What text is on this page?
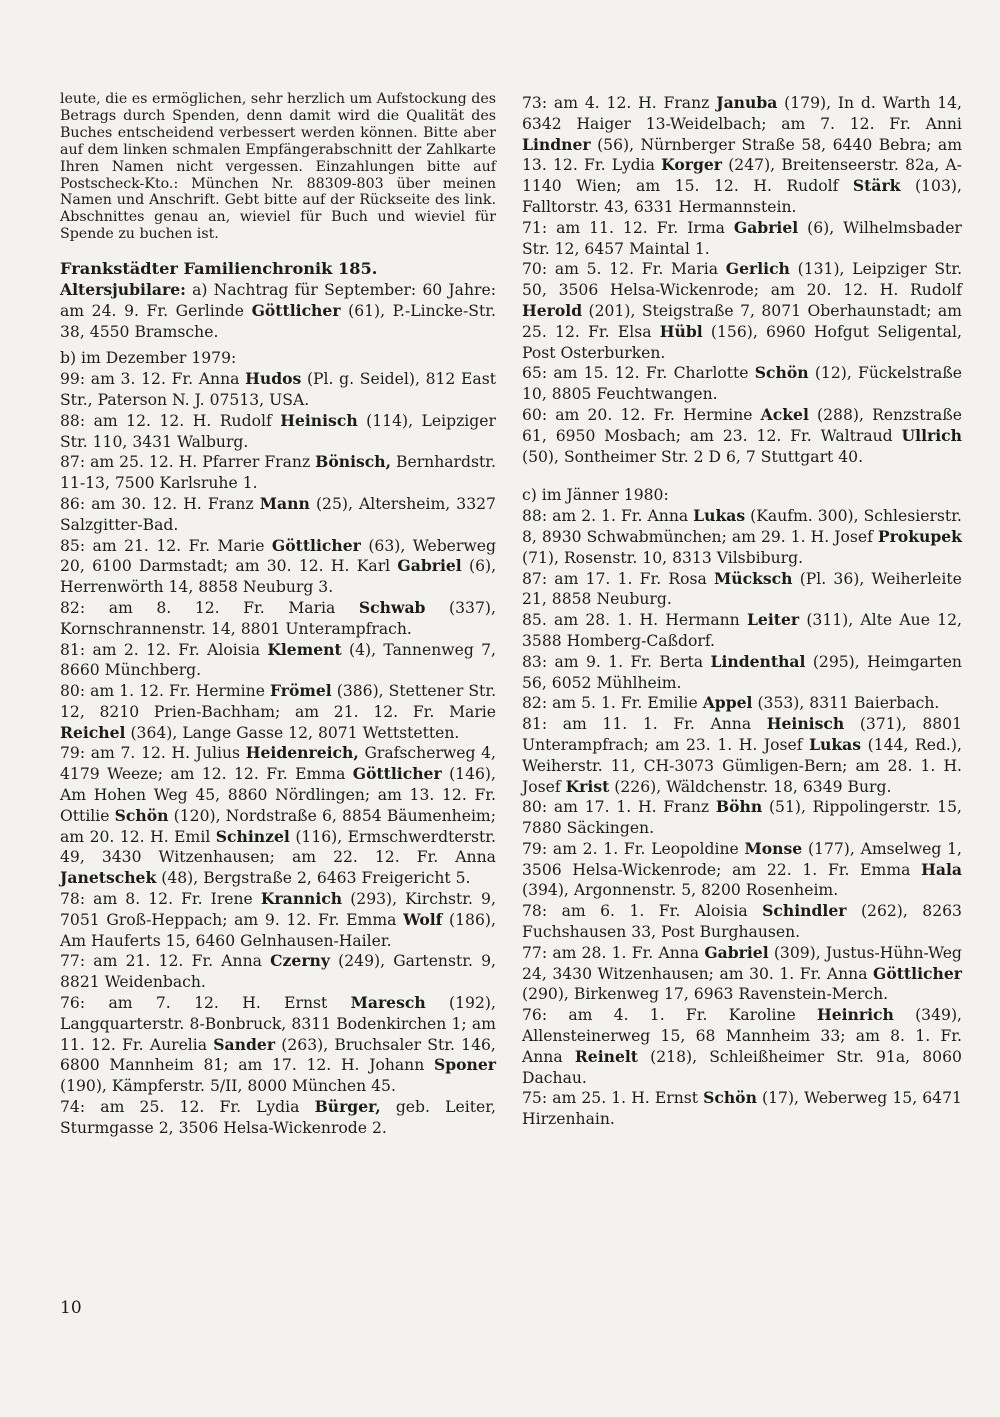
leute, die es ermöglichen, sehr herzlich um Aufstockung des Betrags durch Spenden, denn damit wird die Qualität des Buches entscheidend verbessert werden können. Bitte aber auf dem linken schmalen Empfängerabschnitt der Zahlkarte Ihren Namen nicht vergessen. Einzahlungen bitte auf Postscheck-Kto.: München Nr. 88309-803 über meinen Namen und Anschrift. Gebt bitte auf der Rückseite des link. Abschnittes genau an, wieviel für Buch und wieviel für Spende zu buchen ist.

Frankstädter Familienchronik 185.

Altersjubilare: a) Nachtrag für September: 60 Jahre: am 24. 9. Fr. Gerlinde Göttlicher (61), P.-Lincke-Str. 38, 4550 Bramsche.

b) im Dezember 1979:

99: am 3. 12. Fr. Anna Hudos (Pl. g. Seidel), 812 East Str., Paterson N. J. 07513, USA.

88: am 12. 12. H. Rudolf Heinisch (114), Leipziger Str. 110, 3431 Walburg.

87: am 25. 12. H. Pfarrer Franz Bönisch, Bernhardstr. 11-13, 7500 Karlsruhe 1.

86: am 30. 12. H. Franz Mann (25), Altersheim, 3327 Salzgitter-Bad.

85: am 21. 12. Fr. Marie Göttlicher (63), Weberweg 20, 6100 Darmstadt; am 30. 12. H. Karl Gabriel (6), Herrenwörth 14, 8858 Neuburg 3.

82: am 8. 12. Fr. Maria Schwab (337), Kornschrannenstr. 14, 8801 Unterampfrach.

81: am 2. 12. Fr. Aloisia Klement (4), Tannenweg 7, 8660 Münchberg.

80: am 1. 12. Fr. Hermine Frömel (386), Stettener Str. 12, 8210 Prien-Bachham; am 21. 12. Fr. Marie Reichel (364), Lange Gasse 12, 8071 Wettstetten.

79: am 7. 12. H. Julius Heidenreich, Grafscherweg 4, 4179 Weeze; am 12. 12. Fr. Emma Göttlicher (146), Am Hohen Weg 45, 8860 Nördlingen; am 13. 12. Fr. Ottilie Schön (120), Nordstraße 6, 8854 Bäumenheim; am 20. 12. H. Emil Schinzel (116), Ermschwerdterstr. 49, 3430 Witzenhausen; am 22. 12. Fr. Anna Janetschek (48), Bergstraße 2, 6463 Freigericht 5.

78: am 8. 12. Fr. Irene Krannich (293), Kirchstr. 9, 7051 Groß-Heppach; am 9. 12. Fr. Emma Wolf (186), Am Hauferts 15, 6460 Gelnhausen-Hailer.

77: am 21. 12. Fr. Anna Czerny (249), Gartenstr. 9, 8821 Weidenbach.

76: am 7. 12. H. Ernst Maresch (192), Langquarterstr. 8-Bonbruck, 8311 Bodenkirchen 1; am 11. 12. Fr. Aurelia Sander (263), Bruchsaler Str. 146, 6800 Mannheim 81; am 17. 12. H. Johann Sponer (190), Kämpferstr. 5/II, 8000 München 45.

74: am 25. 12. Fr. Lydia Bürger, geb. Leiter, Sturmgasse 2, 3506 Helsa-Wickenrode 2.

73: am 4. 12. H. Franz Januba (179), In d. Warth 14, 6342 Haiger 13-Weidelbach; am 7. 12. Fr. Anni Lindner (56), Nürnberger Straße 58, 6440 Bebra; am 13. 12. Fr. Lydia Korger (247), Breitenseerstr. 82a, A-1140 Wien; am 15. 12. H. Rudolf Stärk (103), Falltorstr. 43, 6331 Hermannstein.

71: am 11. 12. Fr. Irma Gabriel (6), Wilhelmsbader Str. 12, 6457 Maintal 1.

70: am 5. 12. Fr. Maria Gerlich (131), Leipziger Str. 50, 3506 Helsa-Wickenrode; am 20. 12. H. Rudolf Herold (201), Steigstraße 7, 8071 Oberhaunstadt; am 25. 12. Fr. Elsa Hübl (156), 6960 Hofgut Seligental, Post Osterburken.

65: am 15. 12. Fr. Charlotte Schön (12), Fückelstraße 10, 8805 Feuchtwangen.

60: am 20. 12. Fr. Hermine Ackel (288), Renzstraße 61, 6950 Mosbach; am 23. 12. Fr. Waltraud Ullrich (50), Sontheimer Str. 2 D 6, 7 Stuttgart 40.

c) im Jänner 1980:

88: am 2. 1. Fr. Anna Lukas (Kaufm. 300), Schlesierstr. 8, 8930 Schwabmünchen; am 29. 1. H. Josef Prokupek (71), Rosenstr. 10, 8313 Vilsbiburg.

87: am 17. 1. Fr. Rosa Mücksch (Pl. 36), Weiherleite 21, 8858 Neuburg.

85. am 28. 1. H. Hermann Leiter (311), Alte Aue 12, 3588 Homberg-Caßdorf.

83: am 9. 1. Fr. Berta Lindenthal (295), Heimgarten 56, 6052 Mühlheim.

82: am 5. 1. Fr. Emilie Appel (353), 8311 Baierbach.

81: am 11. 1. Fr. Anna Heinisch (371), 8801 Unterampfrach; am 23. 1. H. Josef Lukas (144, Red.), Weiherstr. 11, CH-3073 Gümligen-Bern; am 28. 1. H. Josef Krist (226), Wäldchenstr. 18, 6349 Burg.

80: am 17. 1. H. Franz Böhn (51), Rippolingerstr. 15, 7880 Säckingen.

79: am 2. 1. Fr. Leopoldine Monse (177), Amselweg 1, 3506 Helsa-Wickenrode; am 22. 1. Fr. Emma Hala (394), Argonnenstr. 5, 8200 Rosenheim.

78: am 6. 1. Fr. Aloisia Schindler (262), 8263 Fuchshausen 33, Post Burghausen.

77: am 28. 1. Fr. Anna Gabriel (309), Justus-Hühn-Weg 24, 3430 Witzenhausen; am 30. 1. Fr. Anna Göttlicher (290), Birkenweg 17, 6963 Ravenstein-Merch.

76: am 4. 1. Fr. Karoline Heinrich (349), Allensteinerweg 15, 68 Mannheim 33; am 8. 1. Fr. Anna Reinelt (218), Schleißheimer Str. 91a, 8060 Dachau.

75: am 25. 1. H. Ernst Schön (17), Weberweg 15, 6471 Hirzenhain.

10
